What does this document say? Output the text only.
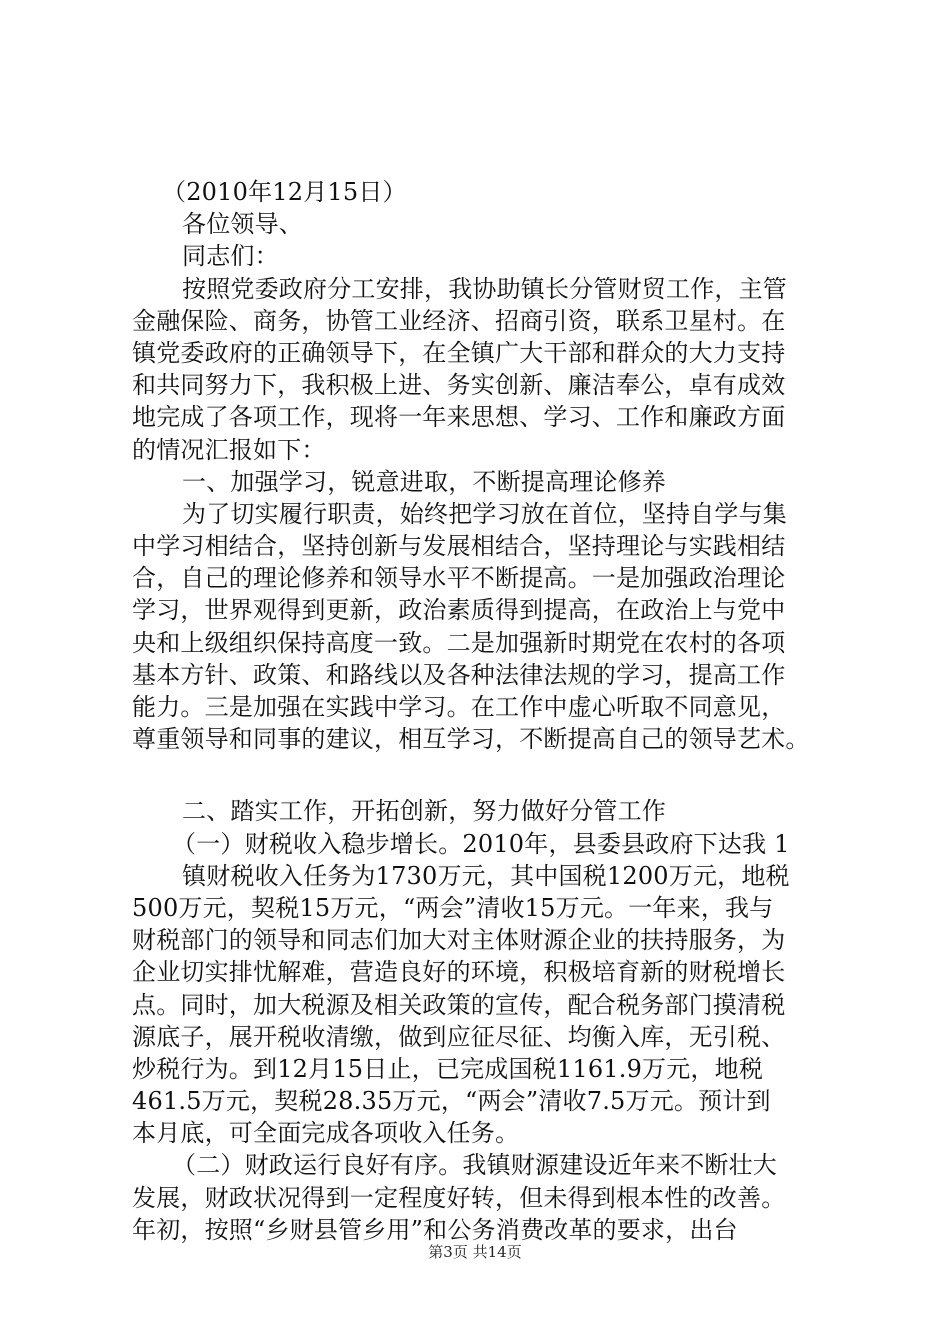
（2010年12月15日）
各位领导、
同志们：
按照党委政府分工安排，我协助镇长分管财贸工作，主管
金融保险、商务，协管工业经济、招商引资，联系卫星村。在
镇党委政府的正确领导下，在全镇广大干部和群众的大力支持
和共同努力下，我积极上进、务实创新、廉洁奉公，卓有成效
地完成了各项工作，现将一年来思想、学习、工作和廉政方面
的情况汇报如下：
一、加强学习，锐意进取，不断提高理论修养
为了切实履行职责，始终把学习放在首位，坚持自学与集
中学习相结合，坚持创新与发展相结合，坚持理论与实践相结
合，自己的理论修养和领导水平不断提高。一是加强政治理论
学习，世界观得到更新，政治素质得到提高，在政治上与党中
央和上级组织保持高度一致。二是加强新时期党在农村的各项
基本方针、政策、和路线以及各种法律法规的学习，提高工作
能力。三是加强在实践中学习。在工作中虚心听取不同意见，
尊重领导和同事的建议，相互学习，不断提高自己的领导艺术。
二、踏实工作，开拓创新，努力做好分管工作
（一）财税收入稳步增长。2010年，县委县政府下达我 1
镇财税收入任务为1730万元，其中国税1200万元，地税
500万元，契税15万元，“两会”清收15万元。一年来，我与
财税部门的领导和同志们加大对主体财源企业的扶持服务，为
企业切实排忧解难，营造良好的环境，积极培育新的财税增长
点。同时，加大税源及相关政策的宣传，配合税务部门摸清税
源底子，展开税收清缴，做到应征尽征、均衡入库，无引税、
炒税行为。到12月15日止，已完成国税1161.9万元，地税
461.5万元，契税28.35万元，“两会”清收7.5万元。预计到
本月底，可全面完成各项收入任务。
（二）财政运行良好有序。我镇财源建设近年来不断壮大
发展，财政状况得到一定程度好转，但未得到根本性的改善。
年初，按照“乡财县管乡用”和公务消费改革的要求，出台
第3页 共14页
